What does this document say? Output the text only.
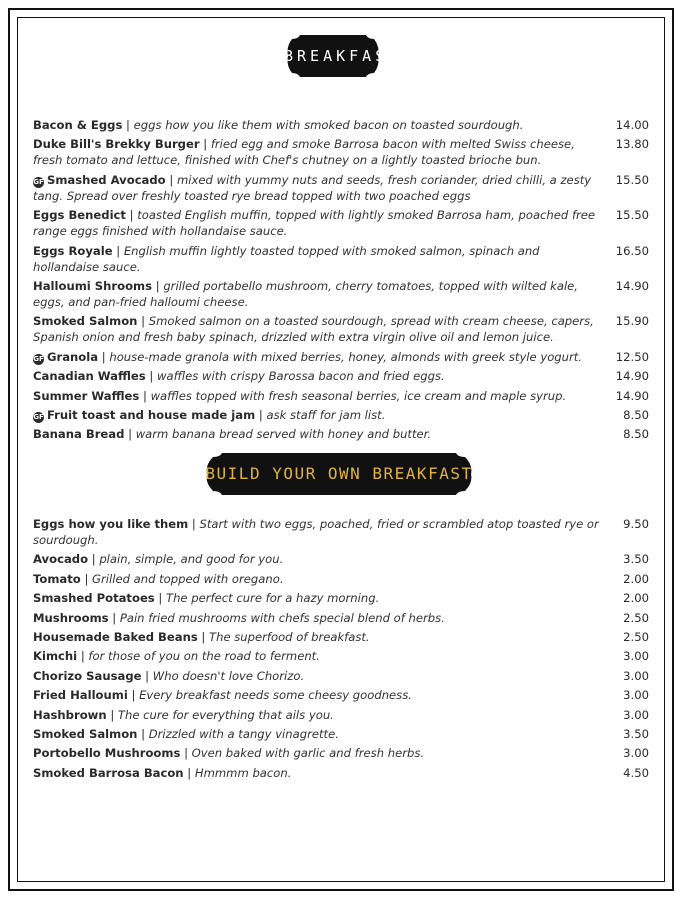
BREAKFAST
Bacon & Eggs | eggs how you like them with smoked bacon on toasted sourdough.	14.00
Duke Bill's Brekky Burger | fried egg and smoke Barrosa bacon with melted Swiss cheese, fresh tomato and lettuce, finished with Chef's chutney on a lightly toasted brioche bun.
13.80
GF Smashed Avocado | mixed with yummy nuts and seeds, fresh coriander, dried chilli, a zesty tang. Spread over freshly toasted rye bread topped with two poached eggs
15.50
Eggs Benedict | toasted English muffin, topped with lightly smoked Barrosa ham, poached free range eggs finished with hollandaise sauce.
15.50
Eggs Royale | English muffin lightly toasted topped with smoked salmon, spinach and hollandaise sauce.
16.50
Halloumi Shrooms | grilled portabello mushroom, cherry tomatoes, topped with wilted kale, eggs, and pan-fried halloumi cheese.
14.90
Smoked Salmon | Smoked salmon on a toasted sourdough, spread with cream cheese, capers, Spanish onion and fresh baby spinach, drizzled with extra virgin olive oil and lemon juice.
15.90
GF Granola | house-made granola with mixed berries, honey, almonds with greek style yogurt.	12.50
Canadian Waffles | waffles with crispy Barossa bacon and fried eggs.	14.90
Summer Waffles | waffles topped with fresh seasonal berries, ice cream and maple syrup.	14.90
GF Fruit toast and house made jam | ask staff for jam list.	8.50
Banana Bread | warm banana bread served with honey and butter.	8.50
BUILD YOUR OWN BREAKFAST
Eggs how you like them | Start with two eggs, poached, fried or scrambled atop toasted rye or sourdough.
9.50
Avocado | plain, simple, and good for you.	3.50
Tomato | Grilled and topped with oregano.	2.00
Smashed Potatoes | The perfect cure for a hazy morning.	2.00
Mushrooms | Pain fried mushrooms with chefs special blend of herbs.	2.50
Housemade Baked Beans | The superfood of breakfast.	2.50
Kimchi | for those of you on the road to ferment.	3.00
Chorizo Sausage | Who doesn't love Chorizo.	3.00
Fried Halloumi | Every breakfast needs some cheesy goodness.	3.00
Hashbrown | The cure for everything that ails you.	3.00
Smoked Salmon | Drizzled with a tangy vinagrette.	3.50
Portobello Mushrooms | Oven baked with garlic and fresh herbs.	3.00
Smoked Barrosa Bacon | Hmmmm bacon.	4.50
